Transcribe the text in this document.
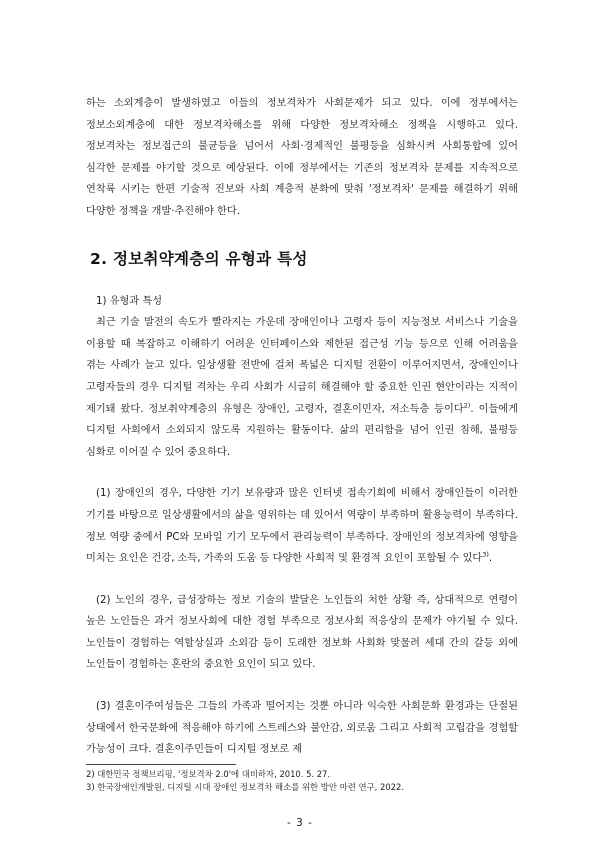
하는 소외계층이 발생하였고 이들의 정보격차가 사회문제가 되고 있다. 이에 정부에서는 정보소외계층에 대한 정보격차해소를 위해 다양한 정보격차해소 정책을 시행하고 있다. 정보격차는 정보접근의 불균등을 넘어서 사회·경제적인 불평등을 심화시켜 사회통합에 있어 심각한 문제를 야기할 것으로 예상된다. 이에 정부에서는 기존의 정보격차 문제를 지속적으로 연착륙 시키는 한편 기술적 진보와 사회 계층적 분화에 맞춰 '정보격차' 문제를 해결하기 위해 다양한 정책을 개발·추진해야 한다.

2. 정보취약계층의 유형과 특성
1) 유형과 특성

최근 기술 발전의 속도가 빨라지는 가운데 장애인이나 고령자 등이 지능정보 서비스나 기술을 이용할 때 복잡하고 이해하기 어려운 인터페이스와 제한된 접근성 기능 등으로 인해 어려움을 겪는 사례가 늘고 있다. 일상생활 전반에 걸쳐 폭넓은 디지털 전환이 이루어지면서, 장애인이나 고령자들의 경우 디지털 격차는 우리 사회가 시급히 해결해야 할 중요한 인권 현안이라는 지적이 제기돼 왔다. 정보취약계층의 유형은 장애인, 고령자, 결혼이민자, 저소득층 등이다$^{2)}$. 이들에게 디지털 사회에서 소외되지 않도록 지원하는 활동이다. 삶의 편리함을 넘어 인권 침해, 불평등 심화로 이어질 수 있어 중요하다.

(1) 장애인의 경우, 다양한 기기 보유량과 많은 인터넷 접속기회에 비해서 장애인들이 이러한 기기를 바탕으로 일상생활에서의 삶을 영위하는 데 있어서 역량이 부족하며 활용능력이 부족하다. 정보 역량 중에서 PC와 모바일 기기 모두에서 관리능력이 부족하다. 장애인의 정보격차에 영향을 미치는 요인은 건강, 소득, 가족의 도움 등 다양한 사회적 및 환경적 요인이 포함될 수 있다$^{3)}$.

(2) 노인의 경우, 급성장하는 정보 기술의 발달은 노인들의 처한 상황 즉, 상대적으로 연령이 높은 노인들은 과거 정보사회에 대한 경험 부족으로 정보사회 적응상의 문제가 야기될 수 있다. 노인들이 경험하는 역할상실과 소외감 등이 도래한 정보화 사회화 맞물려 세대 간의 갈등 외에 노인들이 경험하는 혼란의 중요한 요인이 되고 있다.

(3) 결혼이주여성들은 그들의 가족과 떨어지는 것뿐 아니라 익숙한 사회문화 환경과는 단절된 상태에서 한국문화에 적응해야 하기에 스트레스와 불안감, 외로움 그리고 사회적 고립감을 경험할 가능성이 크다. 결혼이주민들이 디지털 정보로 제

2) 대한민국 정책브리핑, '정보격차 2.0'에 대비하자, 2010. 5. 27.
3) 한국장애인개발원, 디지털 시대 장애인 정보격차 해소를 위한 방안 마련 연구, 2022.
- 3 -
